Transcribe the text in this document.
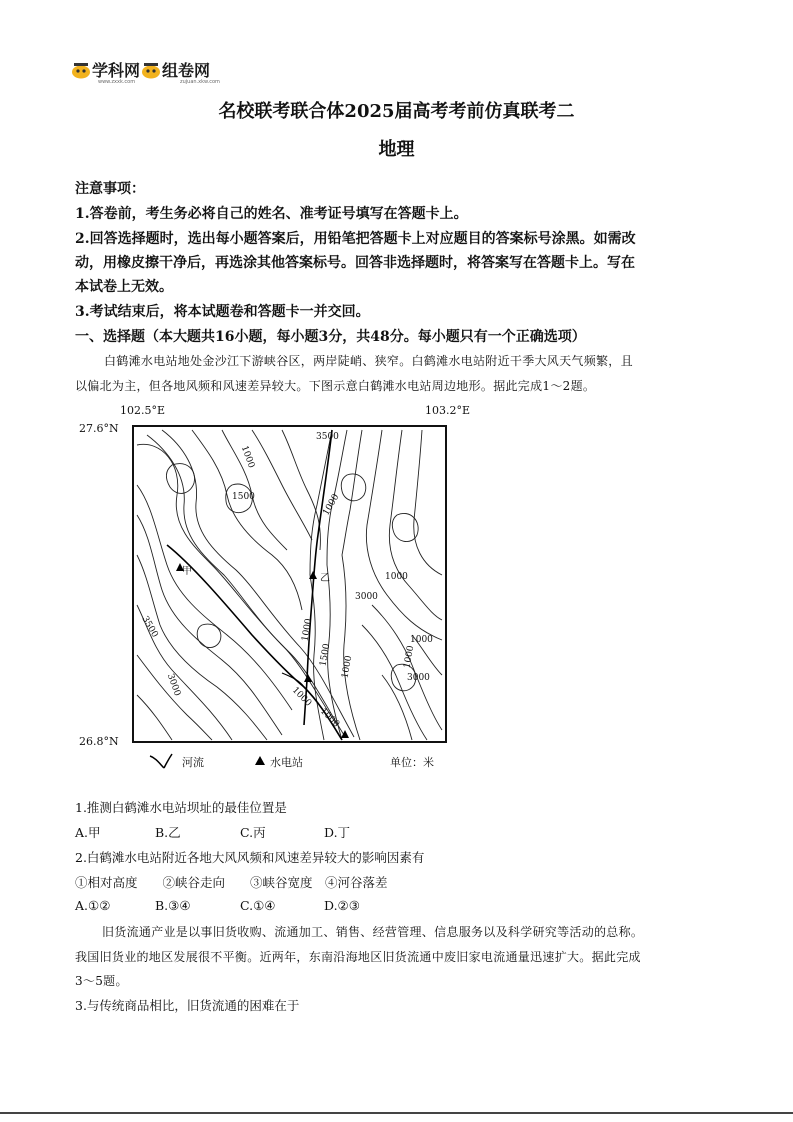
学科网 组卷网
www.zxxk.com	zujuan.xkw.com
名校联考联合体2025届高考考前仿真联考二
地理
注意事项：
1.答卷前，考生务必将自己的姓名、准考证号填写在答题卡上。
2.回答选择题时，选出每小题答案后，用铅笔把答题卡上对应题目的答案标号涂黑。如需改
动，用橡皮擦干净后，再选涂其他答案标号。回答非选择题时，将答案写在答题卡上。写在
本试卷上无效。
3.考试结束后，将本试题卷和答题卡一并交回。
一、选择题（本大题共16小题，每小题3分，共48分。每小题只有一个正确选项）
白鹤滩水电站地处金沙江下游峡谷区，两岸陡峭、狭窄。白鹤滩水电站附近干季大风天气频繁，且
以偏北为主，但各地风频和风速差异较大。下图示意白鹤滩水电站周边地形。据此完成1～2题。
102.5°E	103.2°E
27.6°N
26.8°N
甲
乙
3500
1000
1500	1000
1000
3000
1000
3500	1000
1500	1000
3000
1000
1000
3000
1000
河流	水电站	单位：米
1.推测白鹤滩水电站坝址的最佳位置是
A.甲	B.乙	C.丙	D.丁
2.白鹤滩水电站附近各地大风风频和风速差异较大的影响因素有
①相对高度　　②峡谷走向　　③峡谷宽度　④河谷落差
A.①②	B.③④	C.①④	D.②③
旧货流通产业是以事旧货收购、流通加工、销售、经营管理、信息服务以及科学研究等活动的总称。
我国旧货业的地区发展很不平衡。近两年，东南沿海地区旧货流通中废旧家电流通量迅速扩大。据此完成
3～5题。
3.与传统商品相比，旧货流通的困难在于
